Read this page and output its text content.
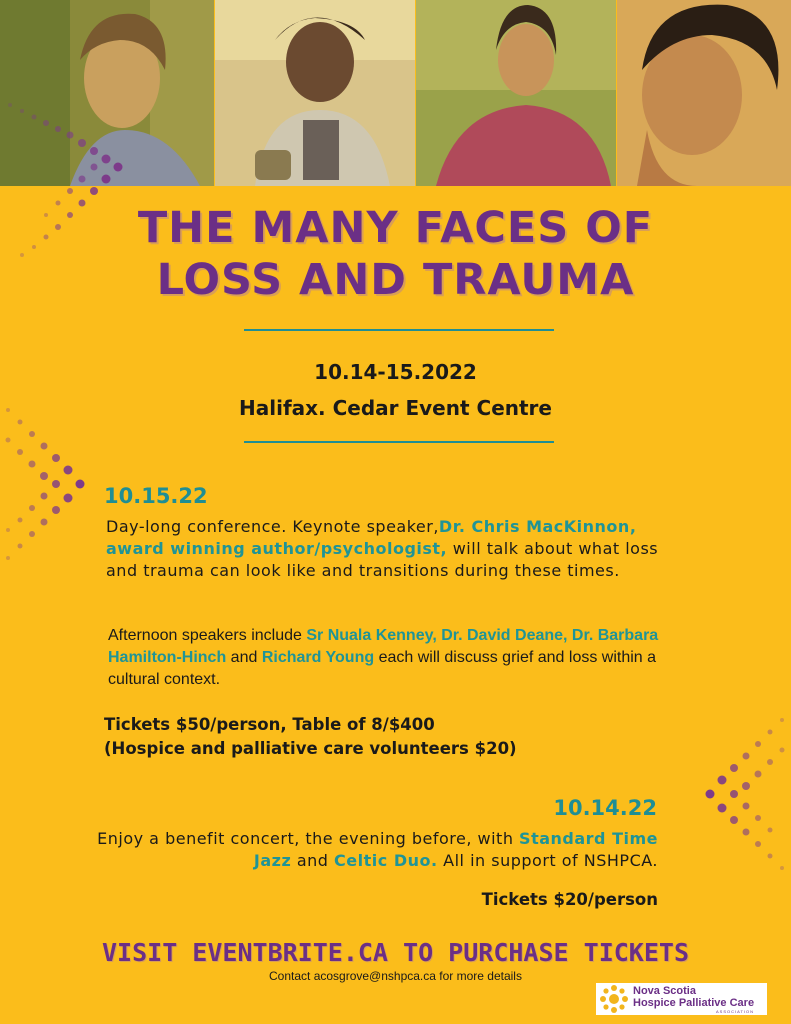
THE MANY FACES OF
LOSS AND TRAUMA
10.14-15.2022
Halifax. Cedar Event Centre
10.15.22
Day-long conference. Keynote speaker,Dr. Chris MacKinnon, award winning author/psychologist, will talk about what loss and trauma can look like and transitions during these times.
Afternoon speakers include Sr Nuala Kenney, Dr. David Deane, Dr. Barbara Hamilton-Hinch and Richard Young each will discuss grief and loss within a cultural context.
Tickets $50/person, Table of 8/$400
(Hospice and palliative care volunteers $20)
10.14.22
Enjoy a benefit concert, the evening before, with Standard Time Jazz and Celtic Duo. All in support of NSHPCA.
Tickets $20/person
VISIT EVENTBRITE.CA TO PURCHASE TICKETS
Contact acosgrove@nshpca.ca for more details
Nova Scotia
Hospice Palliative Care
ASSOCIATION
